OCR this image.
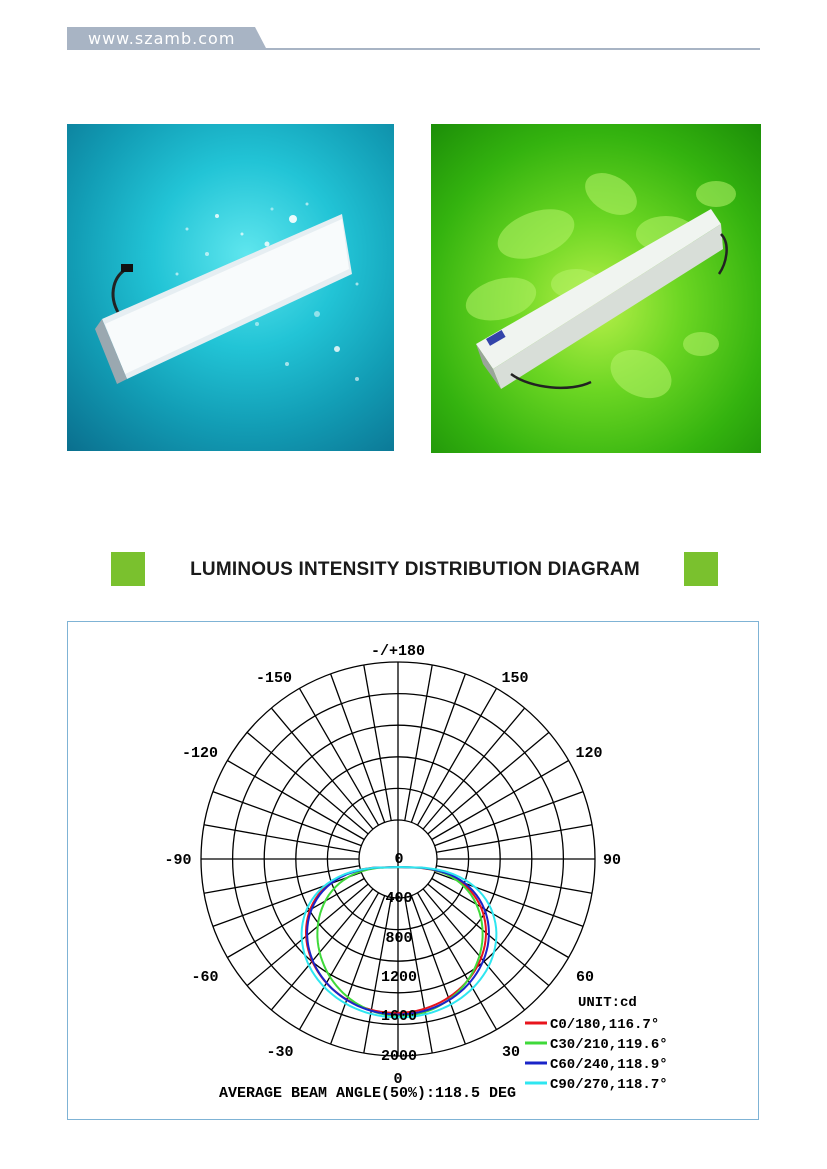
www.szamb.com
LUMINOUS INTENSITY DISTRIBUTION DIAGRAM
-/+180
-150	150
-120	120
-90	90
-60	60
-30	30
0
0
400
800
1200
1600
2000
UNIT:cd
C0/180,116.7°
C30/210,119.6°
C60/240,118.9°
C90/270,118.7°
AVERAGE BEAM ANGLE(50%):118.5 DEG
